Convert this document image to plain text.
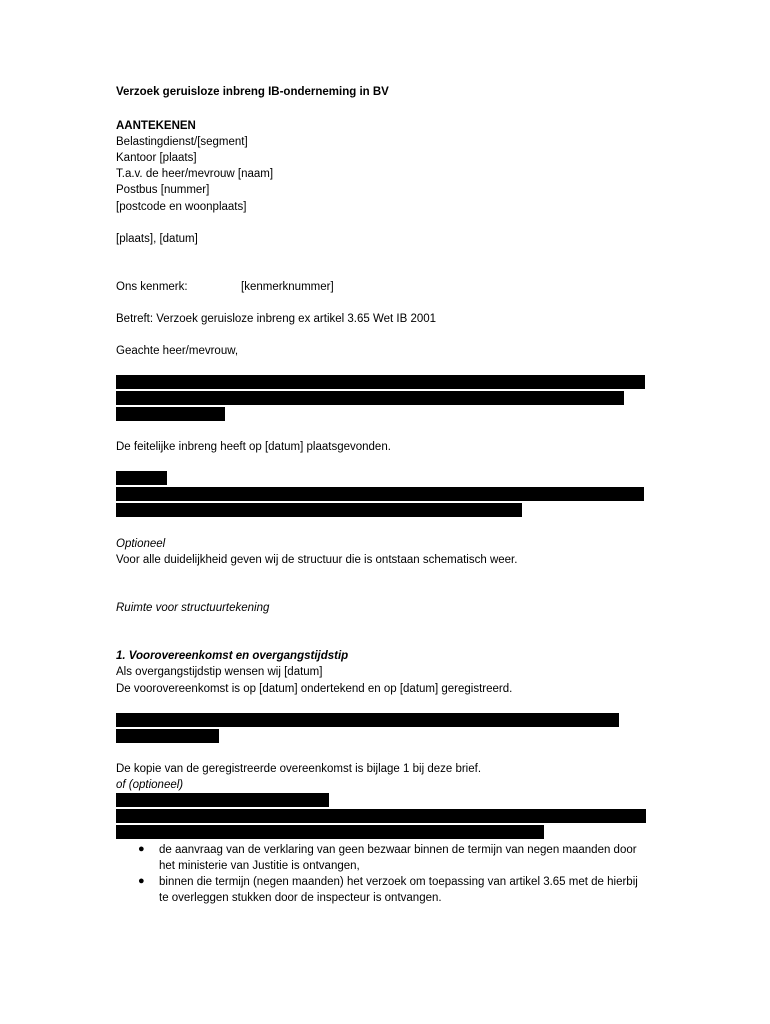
Verzoek geruisloze inbreng IB-onderneming in BV
AANTEKENEN
Belastingdienst/[segment]
Kantoor [plaats]
T.a.v. de heer/mevrouw [naam]
Postbus [nummer]
[postcode en woonplaats]
[plaats], [datum]
Ons kenmerk:	[kenmerknummer]
Betreft: Verzoek geruisloze inbreng ex artikel 3.65 Wet IB 2001
Geachte heer/mevrouw,
De feitelijke inbreng heeft op [datum] plaatsgevonden.
Optioneel
Voor alle duidelijkheid geven wij de structuur die is ontstaan schematisch weer.
Ruimte voor structuurtekening
1. Voorovereenkomst en overgangstijdstip
Als overgangstijdstip wensen wij [datum]
De voorovereenkomst is op [datum] ondertekend en op [datum] geregistreerd.
De kopie van de geregistreerde overeenkomst is bijlage 1 bij deze brief.
of (optioneel)
● de aanvraag van de verklaring van geen bezwaar binnen de termijn van negen maanden door
het ministerie van Justitie is ontvangen,
● binnen die termijn (negen maanden) het verzoek om toepassing van artikel 3.65 met de hierbij
te overleggen stukken door de inspecteur is ontvangen.
